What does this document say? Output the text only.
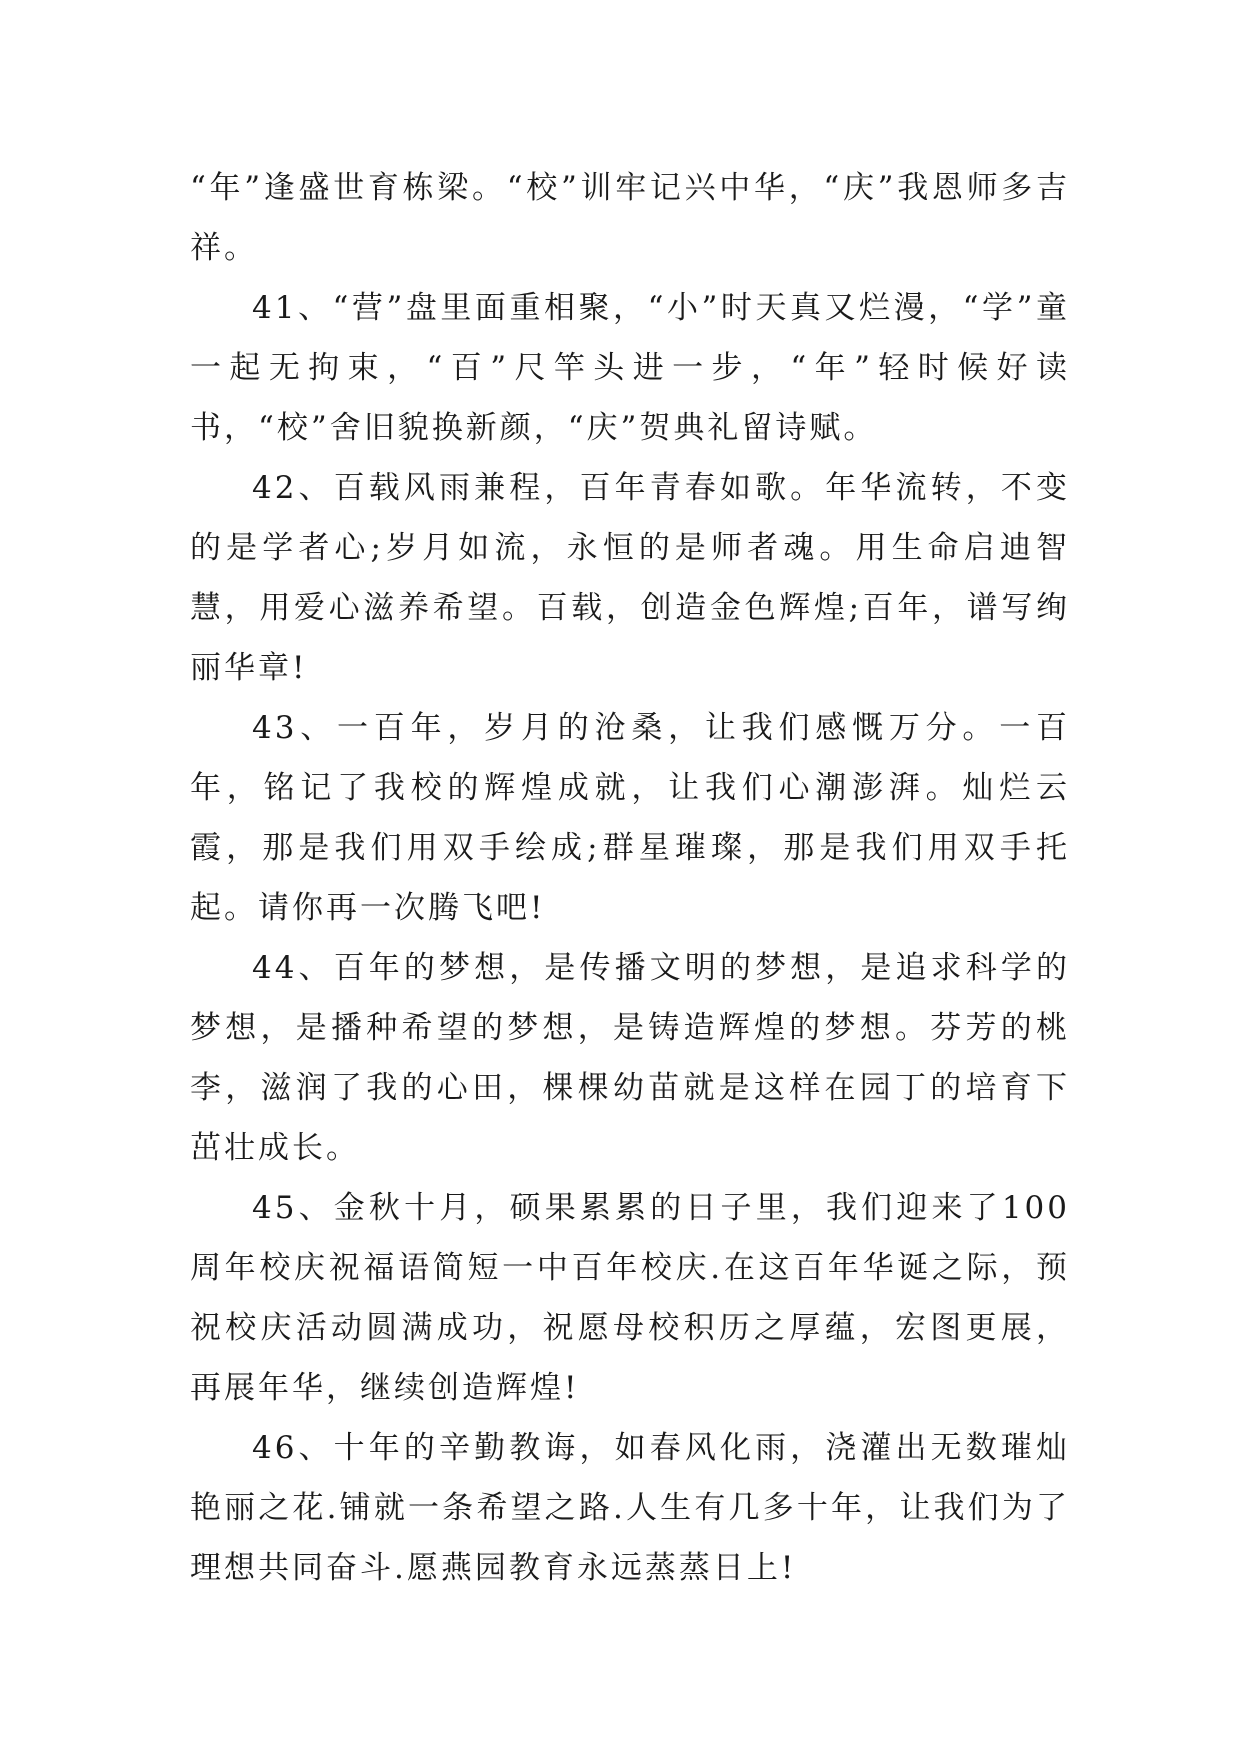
“年”逢盛世育栋梁。“校”训牢记兴中华，“庆”我恩师多吉祥。

41、“营”盘里面重相聚，“小”时天真又烂漫，“学”童一起无拘束，“百”尺竿头进一步，“年”轻时候好读书，“校”舍旧貌换新颜，“庆”贺典礼留诗赋。

42、百载风雨兼程，百年青春如歌。年华流转，不变的是学者心;岁月如流，永恒的是师者魂。用生命启迪智慧，用爱心滋养希望。百载，创造金色辉煌;百年，谱写绚丽华章!

43、一百年，岁月的沧桑，让我们感慨万分。一百年，铭记了我校的辉煌成就，让我们心潮澎湃。灿烂云霞，那是我们用双手绘成;群星璀璨，那是我们用双手托起。请你再一次腾飞吧!

44、百年的梦想，是传播文明的梦想，是追求科学的梦想，是播种希望的梦想，是铸造辉煌的梦想。芬芳的桃李，滋润了我的心田，棵棵幼苗就是这样在园丁的培育下茁壮成长。

45、金秋十月，硕果累累的日子里，我们迎来了100周年校庆祝福语简短一中百年校庆.在这百年华诞之际，预祝校庆活动圆满成功，祝愿母校积历之厚蕴，宏图更展，再展年华，继续创造辉煌!

46、十年的辛勤教诲，如春风化雨，浇灌出无数璀灿艳丽之花.铺就一条希望之路.人生有几多十年，让我们为了理想共同奋斗.愿燕园教育永远蒸蒸日上!
